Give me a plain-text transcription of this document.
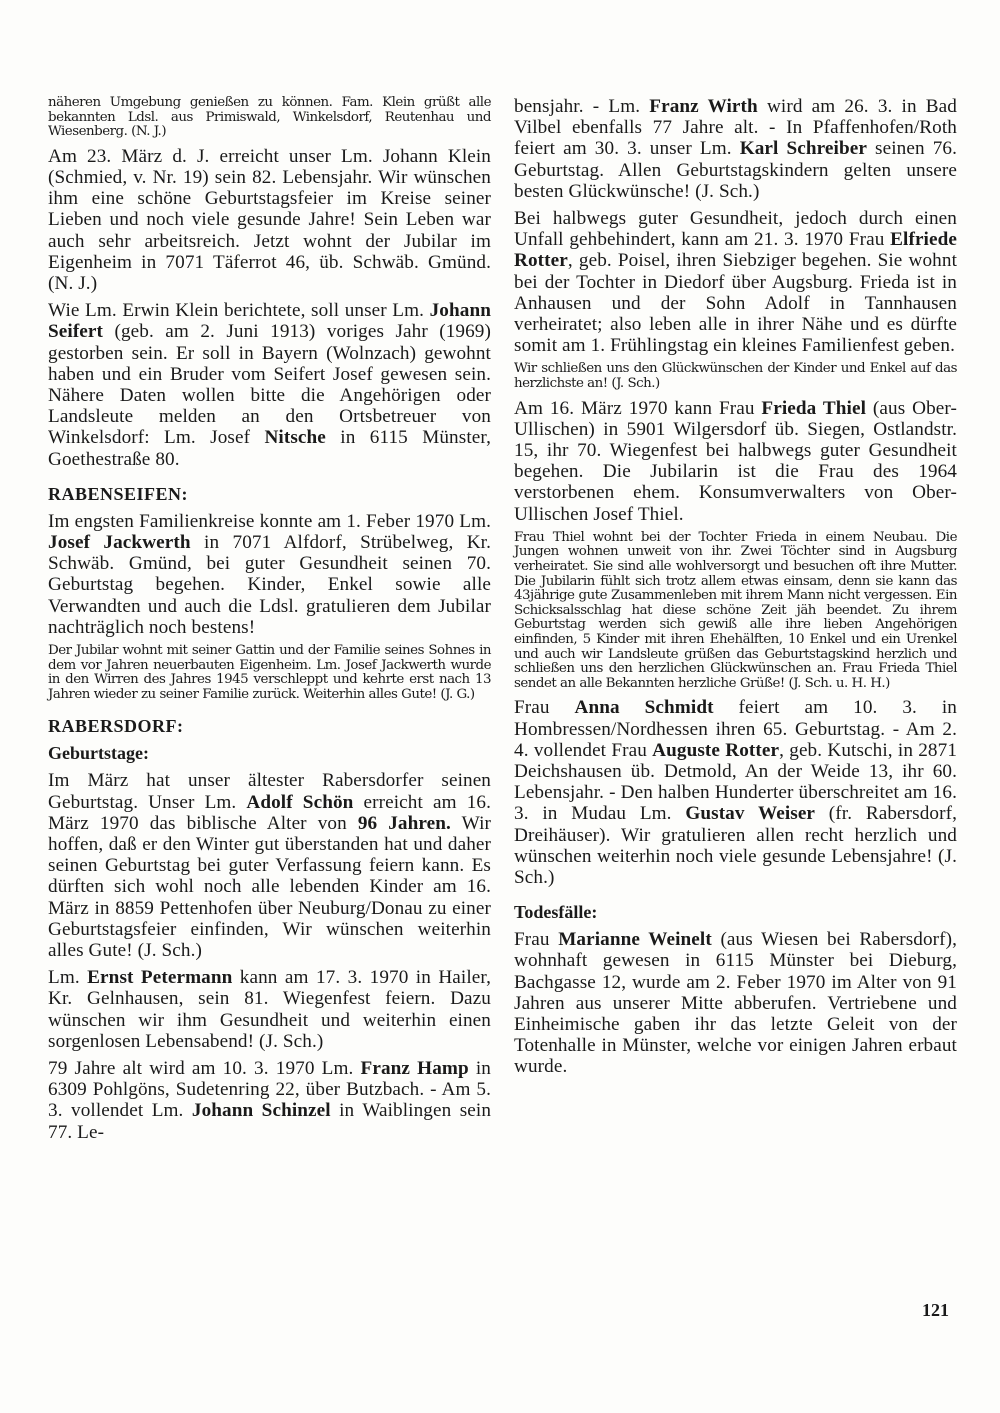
näheren Umgebung genießen zu können. Fam. Klein grüßt alle bekannten Ldsl. aus Primiswald, Winkelsdorf, Reutenhau und Wiesenberg. (N. J.)

Am 23. März d. J. erreicht unser Lm. Johann Klein (Schmied, v. Nr. 19) sein 82. Lebensjahr. Wir wünschen ihm eine schöne Geburtstagsfeier im Kreise seiner Lieben und noch viele gesunde Jahre! Sein Leben war auch sehr arbeitsreich. Jetzt wohnt der Jubilar im Eigenheim in 7071 Täferrot 46, üb. Schwäb. Gmünd. (N. J.)

Wie Lm. Erwin Klein berichtete, soll unser Lm. Johann Seifert (geb. am 2. Juni 1913) voriges Jahr (1969) gestorben sein. Er soll in Bayern (Wolnzach) gewohnt haben und ein Bruder vom Seifert Josef gewesen sein. Nähere Daten wollen bitte die Angehörigen oder Landsleute melden an den Ortsbetreuer von Winkelsdorf: Lm. Josef Nitsche in 6115 Münster, Goethestraße 80.

RABENSEIFEN:

Im engsten Familienkreise konnte am 1. Feber 1970 Lm. Josef Jackwerth in 7071 Alfdorf, Strübelweg, Kr. Schwäb. Gmünd, bei guter Gesundheit seinen 70. Geburtstag begehen. Kinder, Enkel sowie alle Verwandten und auch die Ldsl. gratulieren dem Jubilar nachträglich noch bestens!

Der Jubilar wohnt mit seiner Gattin und der Familie seines Sohnes in dem vor Jahren neuerbauten Eigenheim. Lm. Josef Jackwerth wurde in den Wirren des Jahres 1945 verschleppt und kehrte erst nach 13 Jahren wieder zu seiner Familie zurück. Weiterhin alles Gute! (J. G.)

RABERSDORF:
Geburtstage:

Im März hat unser ältester Rabersdorfer seinen Geburtstag. Unser Lm. Adolf Schön erreicht am 16. März 1970 das biblische Alter von 96 Jahren. Wir hoffen, daß er den Winter gut überstanden hat und daher seinen Geburtstag bei guter Verfassung feiern kann. Es dürften sich wohl noch alle lebenden Kinder am 16. März in 8859 Pettenhofen über Neuburg/Donau zu einer Geburtstagsfeier einfinden, Wir wünschen weiterhin alles Gute! (J. Sch.)

Lm. Ernst Petermann kann am 17. 3. 1970 in Hailer, Kr. Gelnhausen, sein 81. Wiegenfest feiern. Dazu wünschen wir ihm Gesundheit und weiterhin einen sorgenlosen Lebensabend! (J. Sch.)

79 Jahre alt wird am 10. 3. 1970 Lm. Franz Hamp in 6309 Pohlgöns, Sudetenring 22, über Butzbach. - Am 5. 3. vollendet Lm. Johann Schinzel in Waiblingen sein 77. Le-

bensjahr. - Lm. Franz Wirth wird am 26. 3. in Bad Vilbel ebenfalls 77 Jahre alt. - In Pfaffenhofen/Roth feiert am 30. 3. unser Lm. Karl Schreiber seinen 76. Geburtstag. Allen Geburtstagskindern gelten unsere besten Glückwünsche! (J. Sch.)

Bei halbwegs guter Gesundheit, jedoch durch einen Unfall gehbehindert, kann am 21. 3. 1970 Frau Elfriede Rotter, geb. Poisel, ihren Siebziger begehen. Sie wohnt bei der Tochter in Diedorf über Augsburg. Frieda ist in Anhausen und der Sohn Adolf in Tannhausen verheiratet; also leben alle in ihrer Nähe und es dürfte somit am 1. Frühlingstag ein kleines Familienfest geben.

Wir schließen uns den Glückwünschen der Kinder und Enkel auf das herzlichste an! (J. Sch.)

Am 16. März 1970 kann Frau Frieda Thiel (aus Ober-Ullischen) in 5901 Wilgersdorf üb. Siegen, Ostlandstr. 15, ihr 70. Wiegenfest bei halbwegs guter Gesundheit begehen. Die Jubilarin ist die Frau des 1964 verstorbenen ehem. Konsumverwalters von Ober-Ullischen Josef Thiel.

Frau Thiel wohnt bei der Tochter Frieda in einem Neubau. Die Jungen wohnen unweit von ihr. Zwei Töchter sind in Augsburg verheiratet. Sie sind alle wohlversorgt und besuchen oft ihre Mutter. Die Jubilarin fühlt sich trotz allem etwas einsam, denn sie kann das 43jährige gute Zusammenleben mit ihrem Mann nicht vergessen. Ein Schicksalsschlag hat diese schöne Zeit jäh beendet. Zu ihrem Geburtstag werden sich gewiß alle ihre lieben Angehörigen einfinden, 5 Kinder mit ihren Ehehälften, 10 Enkel und ein Urenkel und auch wir Landsleute grüßen das Geburtstagskind herzlich und schließen uns den herzlichen Glückwünschen an. Frau Frieda Thiel sendet an alle Bekannten herzliche Grüße! (J. Sch. u. H. H.)

Frau Anna Schmidt feiert am 10. 3. in Hombressen/Nordhessen ihren 65. Geburtstag. - Am 2. 4. vollendet Frau Auguste Rotter, geb. Kutschi, in 2871 Deichshausen üb. Detmold, An der Weide 13, ihr 60. Lebensjahr. - Den halben Hunderter überschreitet am 16. 3. in Mudau Lm. Gustav Weiser (fr. Rabersdorf, Dreihäuser). Wir gratulieren allen recht herzlich und wünschen weiterhin noch viele gesunde Lebensjahre! (J. Sch.)

Todesfälle:

Frau Marianne Weinelt (aus Wiesen bei Rabersdorf), wohnhaft gewesen in 6115 Münster bei Dieburg, Bachgasse 12, wurde am 2. Feber 1970 im Alter von 91 Jahren aus unserer Mitte abberufen. Vertriebene und Einheimische gaben ihr das letzte Geleit von der Totenhalle in Münster, welche vor einigen Jahren erbaut wurde.

121
